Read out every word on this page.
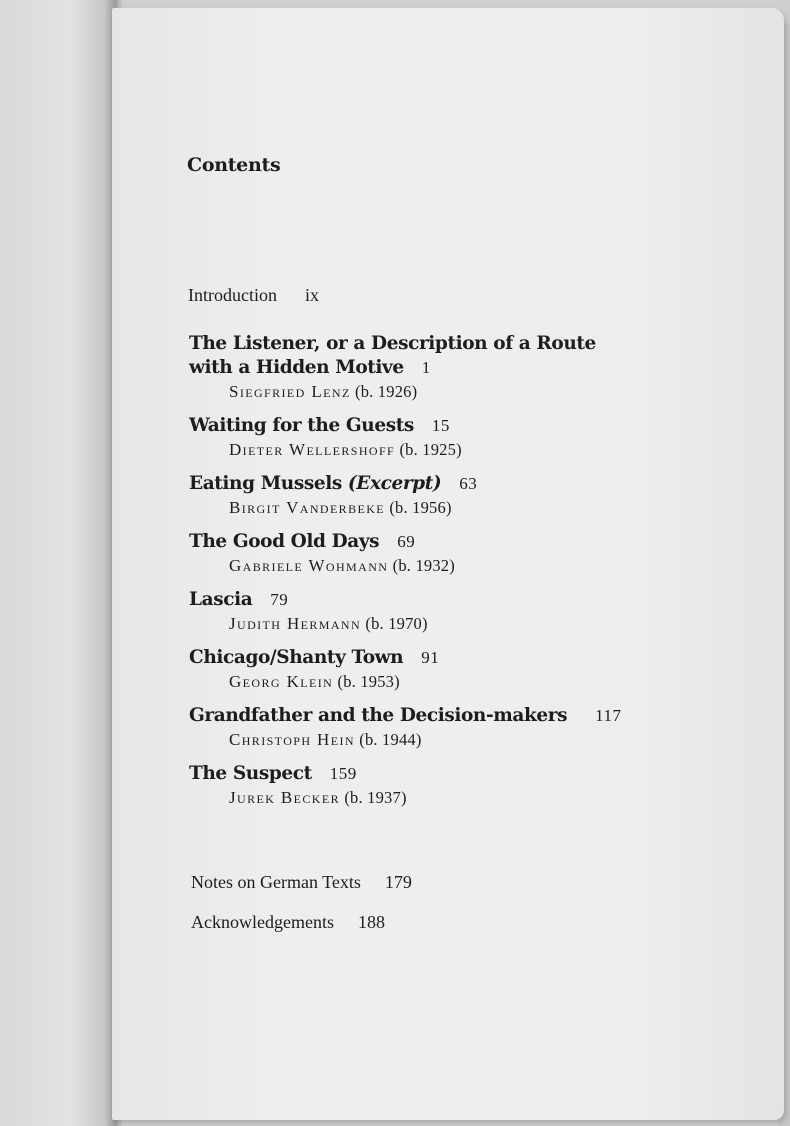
Contents
Introduction ix
The Listener, or a Description of a Route
with a Hidden Motive 1
Siegfried Lenz (b. 1926)
Waiting for the Guests 15
Dieter Wellershoff (b. 1925)
Eating Mussels (Excerpt) 63
Birgit Vanderbeke (b. 1956)
The Good Old Days 69
Gabriele Wohmann (b. 1932)
Lascia 79
Judith Hermann (b. 1970)
Chicago/Shanty Town 91
Georg Klein (b. 1953)
Grandfather and the Decision-makers 117
Christoph Hein (b. 1944)
The Suspect 159
Jurek Becker (b. 1937)
Notes on German Texts 179
Acknowledgements 188
